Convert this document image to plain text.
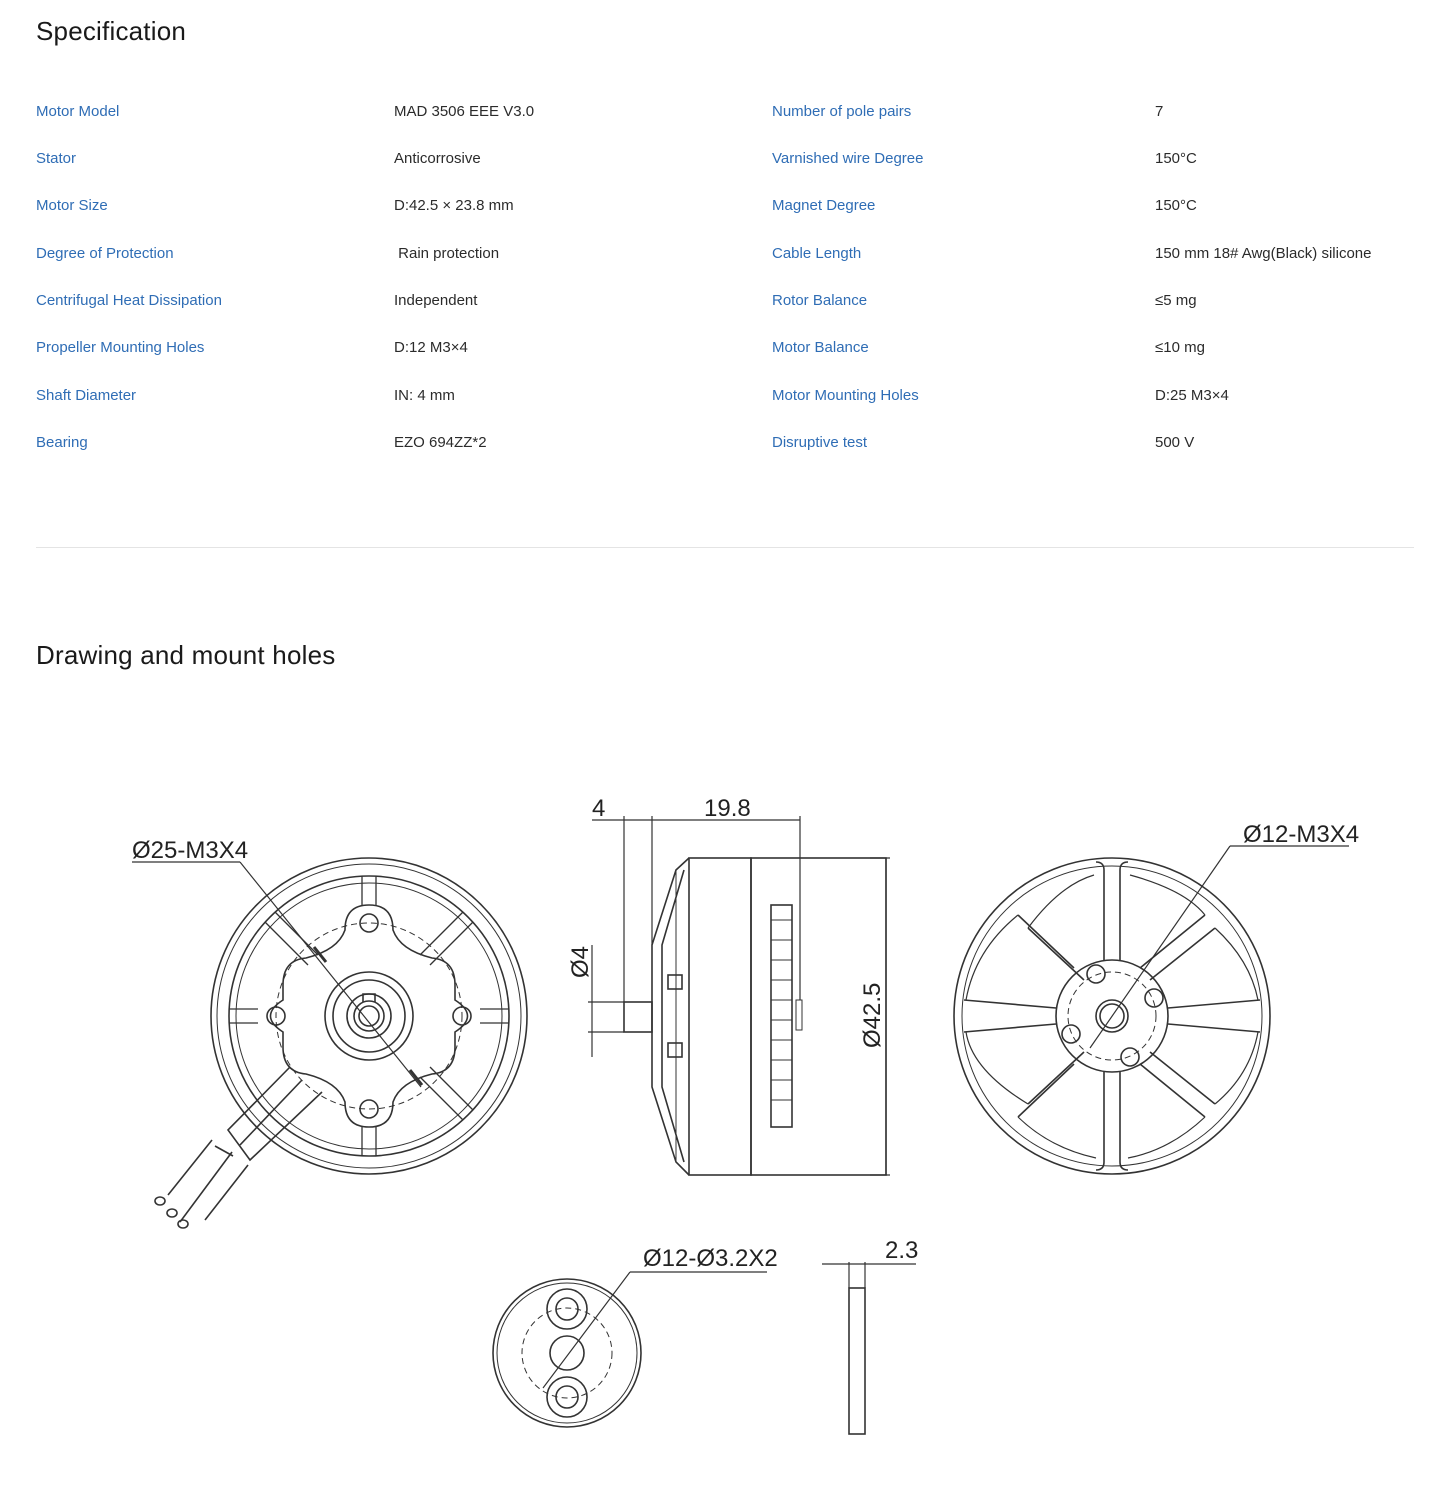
Specification
Motor Model	MAD 3506 EEE V3.0	Number of pole pairs	7
Stator	Anticorrosive	Varnished wire Degree	150°C
Motor Size	D:42.5 × 23.8 mm	Magnet Degree	150°C
Degree of Protection	Rain protection	Cable Length	150 mm 18# Awg(Black) silicone
Centrifugal Heat Dissipation	Independent	Rotor Balance	≤5 mg
Propeller Mounting Holes	D:12 M3×4	Motor Balance	≤10 mg
Shaft Diameter	IN: 4 mm	Motor Mounting Holes	D:25 M3×4
Bearing	EZO 694ZZ*2	Disruptive test	500 V
Drawing and mount holes
Ø25-M3X4
4	19.8
Ø4
Ø42.5
Ø12-M3X4
Ø12-Ø3.2X2	2.3
